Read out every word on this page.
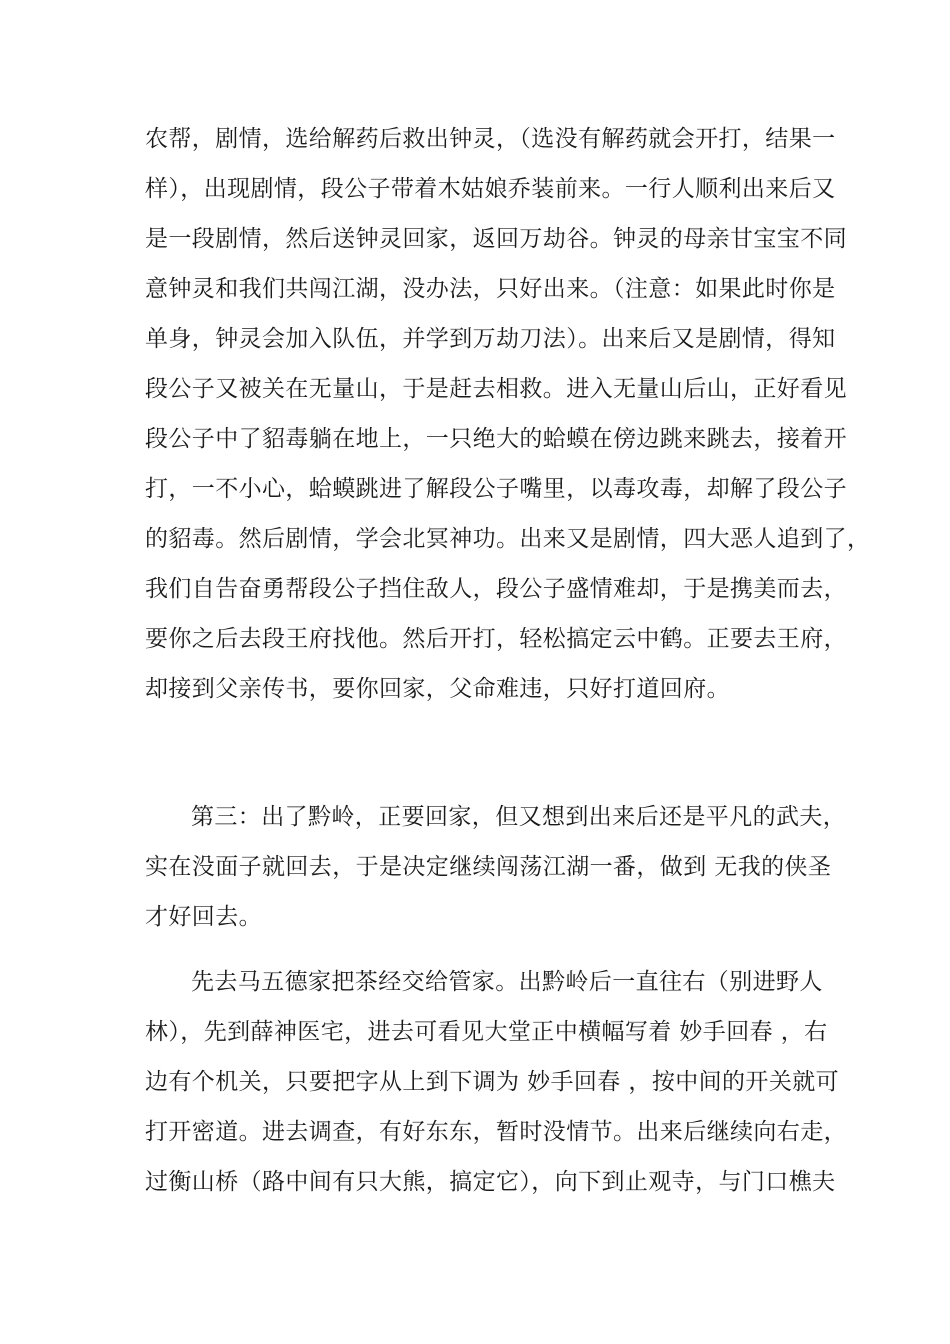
农帮，剧情，选给解药后救出钟灵，（选没有解药就会开打，结果一
样），出现剧情，段公子带着木姑娘乔装前来。一行人顺利出来后又
是一段剧情，然后送钟灵回家，返回万劫谷。钟灵的母亲甘宝宝不同
意钟灵和我们共闯江湖，没办法，只好出来。（注意：如果此时你是
单身，钟灵会加入队伍，并学到万劫刀法）。出来后又是剧情，得知
段公子又被关在无量山，于是赶去相救。进入无量山后山，正好看见
段公子中了貂毒躺在地上，一只绝大的蛤蟆在傍边跳来跳去，接着开
打，一不小心，蛤蟆跳进了解段公子嘴里，以毒攻毒，却解了段公子
的貂毒。然后剧情，学会北冥神功。出来又是剧情，四大恶人追到了，
我们自告奋勇帮段公子挡住敌人，段公子盛情难却，于是携美而去，
要你之后去段王府找他。然后开打，轻松搞定云中鹤。正要去王府，
却接到父亲传书，要你回家，父命难违，只好打道回府。
第三：出了黔岭，正要回家，但又想到出来后还是平凡的武夫，
实在没面子就回去，于是决定继续闯荡江湖一番，做到 无我的侠圣
才好回去。
先去马五德家把茶经交给管家。出黔岭后一直往右（别进野人
林），先到薛神医宅，进去可看见大堂正中横幅写着 妙手回春 ，右
边有个机关，只要把字从上到下调为 妙手回春 ，按中间的开关就可
打开密道。进去调查，有好东东，暂时没情节。出来后继续向右走，
过衡山桥（路中间有只大熊，搞定它），向下到止观寺，与门口樵夫
